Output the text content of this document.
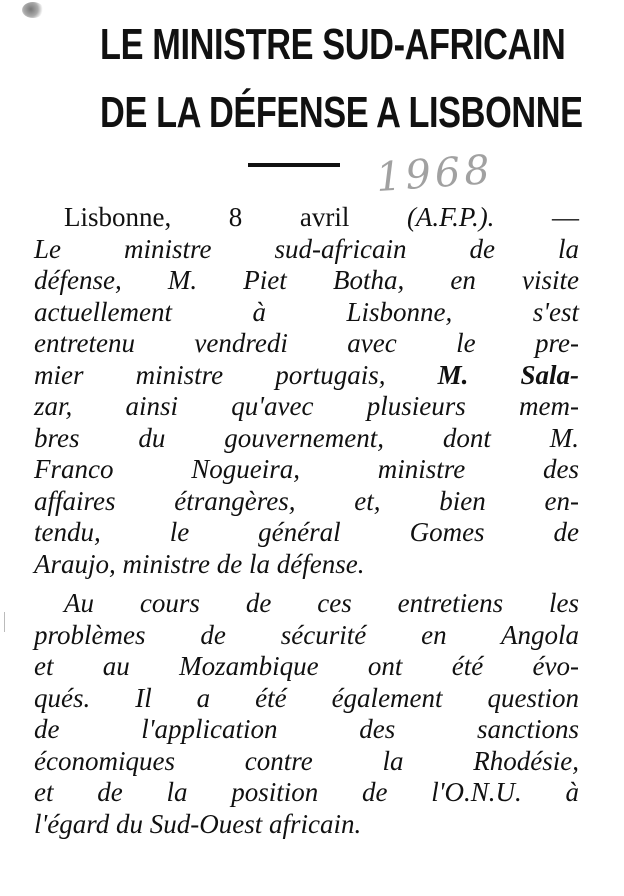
LE MINISTRE SUD-AFRICAIN
DE LA DÉFENSE A LISBONNE
1968
Lisbonne, 8 avril (A.F.P.). —
Le ministre sud-africain de la
défense, M. Piet Botha, en visite
actuellement à Lisbonne, s'est
entretenu vendredi avec le pre-
mier ministre portugais, M. Sala-
zar, ainsi qu'avec plusieurs mem-
bres du gouvernement, dont M.
Franco Nogueira, ministre des
affaires étrangères, et, bien en-
tendu, le général Gomes de
Araujo, ministre de la défense.
Au cours de ces entretiens les
problèmes de sécurité en Angola
et au Mozambique ont été évo-
qués. Il a été également question
de l'application des sanctions
économiques contre la Rhodésie,
et de la position de l'O.N.U. à
l'égard du Sud-Ouest africain.
